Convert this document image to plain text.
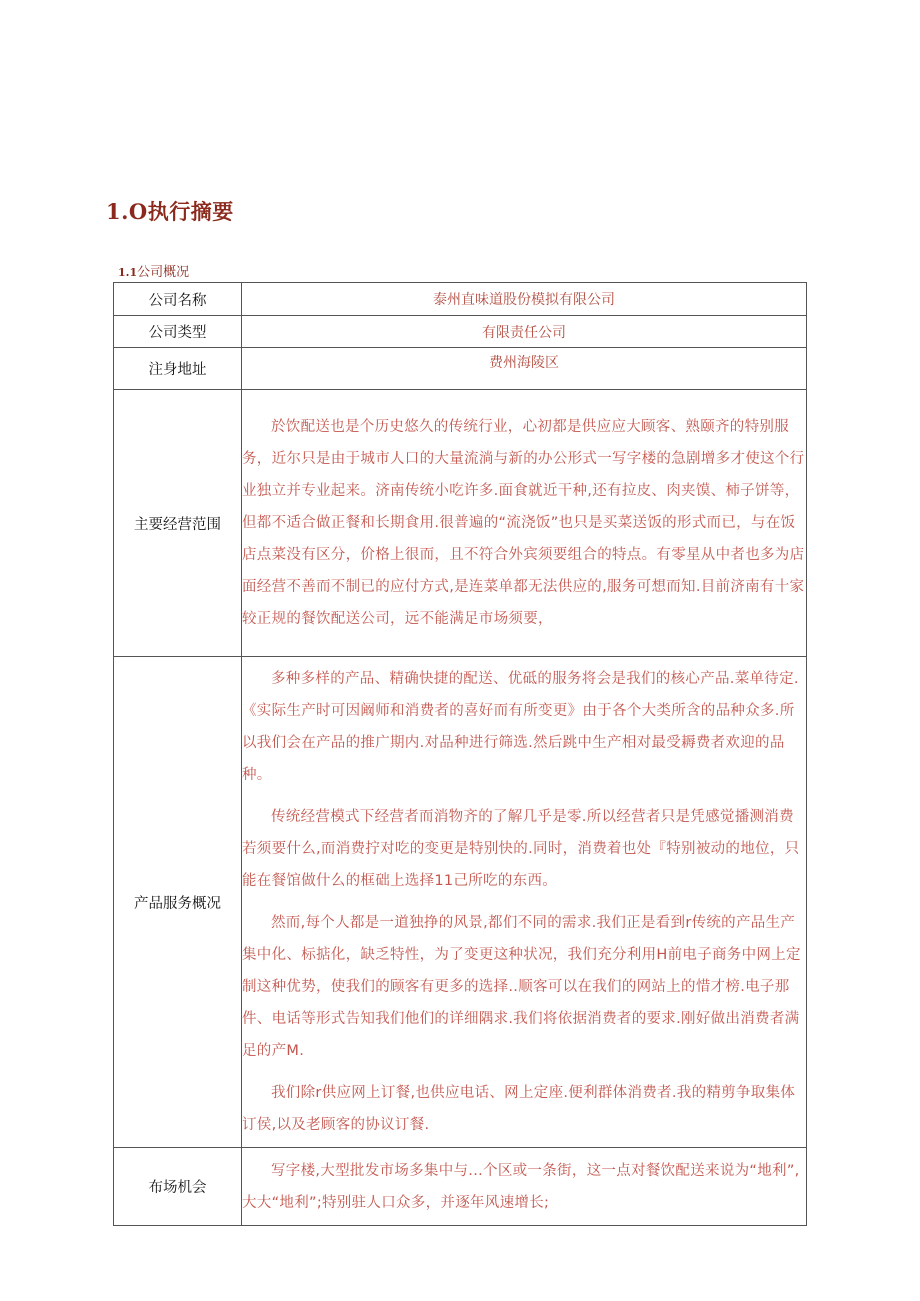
1.O执行摘要
1.1公司概况
公司名称	泰州直味道股份模拟有限公司
公司类型	有限责任公司
注身地址	费州海陵区
主要经营范围	於饮配送也是个历史悠久的传统行业，心初都是供应应大顾客、熟颐齐的特别服务，近尔只是由于城市人口的大量流淌与新的办公形式一写字楼的急剧增多才使这个行业独立并专业起来。济南传统小吃许多.面食就近干种,还有拉皮、肉夹馍、柿子饼等，但都不适合做正餐和长期食用.很普遍的“流浇饭”也只是买菜送饭的形式而已，与在饭店点菜没有区分，价格上很而，且不符合外宾须要组合的特点。有零星从中者也多为店面经营不善而不制已的应付方式,是连菜单都无法供应的,服务可想而知.目前济南有十家较正规的餐饮配送公司，远不能满足市场须要，

产品服务概况	多种多样的产品、精确快捷的配送、优砥的服务将会是我们的核心产品.菜单待定.《实际生产时可因阚师和消费者的喜好而有所变更》由于各个大类所含的品种众多.所以我们会在产品的推广期内.对品种进行筛选.然后跳中生产相对最受耨费者欢迎的品种。

传统经营模式下经营者而消物齐的了解几乎是零.所以经营者只是凭感觉播测消费若须要什么,而消费拧对吃的变更是特别快的.同时，消费着也处『特别被动的地位，只能在餐馆做什么的框础上选择11己所吃的东西。

然而,每个人都是一道独挣的风景,都们不同的需求.我们正是看到r传统的产品生产集中化、标掂化，缺乏特性，为了变更这种状况，我们充分利用H前电子商务中网上定制这种优势，使我们的顾客有更多的选择..顺客可以在我们的网站上的惜才榜.电子那件、电话等形式告知我们他们的详细隅求.我们将依据消费者的要求.刚好做出消费者满足的产M.

我们除r供应网上订餐,也供应电话、网上定座.便利群体消费者.我的精剪争取集体订侯,以及老顾客的协议订餐.

布场机会	写字楼,大型批发市场多集中与...个区或一条街，这一点对餐饮配送来说为“地利”,大大“地利”;特别驻人口众多，并逐年风速增长;
